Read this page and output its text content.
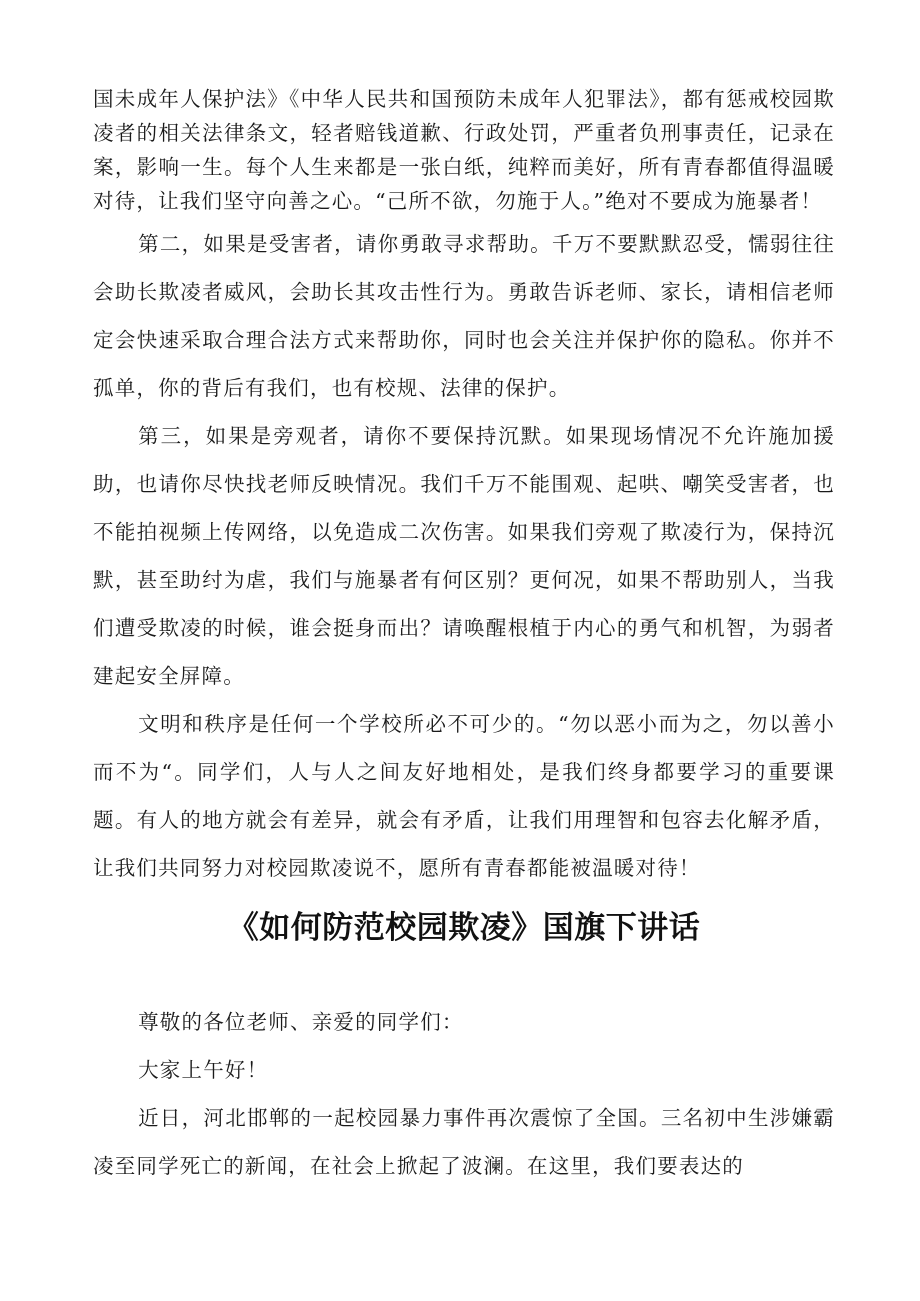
国未成年人保护法》《中华人民共和国预防未成年人犯罪法》，都有惩戒校园欺凌者的相关法律条文，轻者赔钱道歉、行政处罚，严重者负刑事责任，记录在案，影响一生。每个人生来都是一张白纸，纯粹而美好，所有青春都值得温暖对待，让我们坚守向善之心。“己所不欲，勿施于人。”绝对不要成为施暴者！

第二，如果是受害者，请你勇敢寻求帮助。千万不要默默忍受，懦弱往往会助长欺凌者威风，会助长其攻击性行为。勇敢告诉老师、家长，请相信老师定会快速采取合理合法方式来帮助你，同时也会关注并保护你的隐私。你并不孤单，你的背后有我们，也有校规、法律的保护。

第三，如果是旁观者，请你不要保持沉默。如果现场情况不允许施加援助，也请你尽快找老师反映情况。我们千万不能围观、起哄、嘲笑受害者，也不能拍视频上传网络，以免造成二次伤害。如果我们旁观了欺凌行为，保持沉默，甚至助纣为虐，我们与施暴者有何区别？更何况，如果不帮助别人，当我们遭受欺凌的时候，谁会挺身而出？请唤醒根植于内心的勇气和机智，为弱者建起安全屏障。

文明和秩序是任何一个学校所必不可少的。“勿以恶小而为之，勿以善小而不为“。同学们，人与人之间友好地相处，是我们终身都要学习的重要课题。有人的地方就会有差异，就会有矛盾，让我们用理智和包容去化解矛盾，让我们共同努力对校园欺凌说不，愿所有青春都能被温暖对待！

《如何防范校园欺凌》国旗下讲话

尊敬的各位老师、亲爱的同学们：

大家上午好！

近日，河北邯郸的一起校园暴力事件再次震惊了全国。三名初中生涉嫌霸凌至同学死亡的新闻，在社会上掀起了波澜。在这里，我们要表达的
